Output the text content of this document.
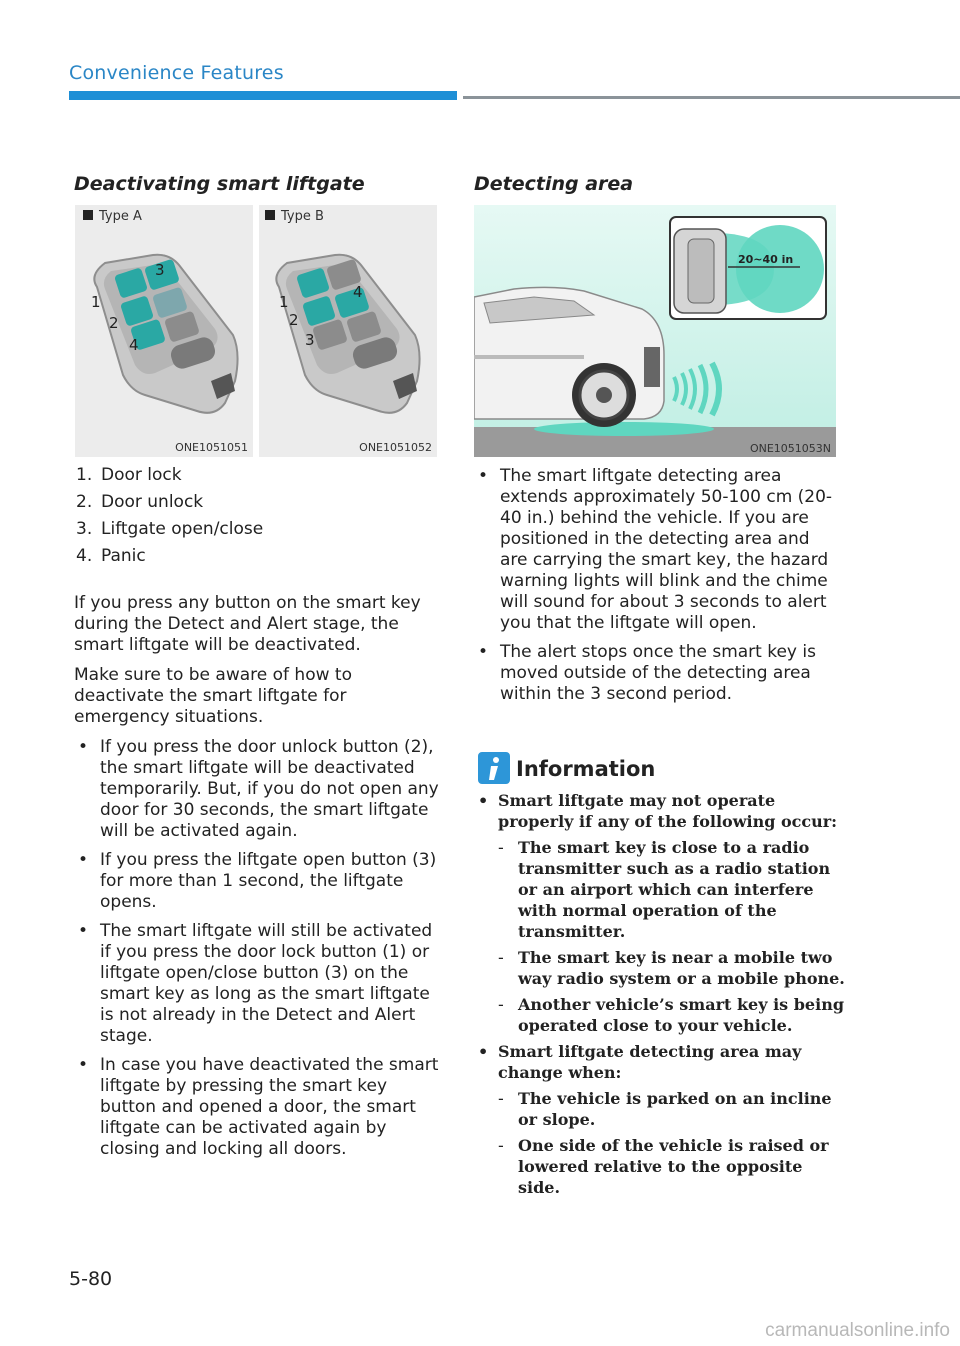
Convenience Features
Deactivating smart liftgate
Type A
3
1
2
4
ONE1051051
Type B
4
1
2
3
ONE1051052
1. Door lock
2. Door unlock
3. Liftgate open/close
4. Panic

If you press any button on the smart key during the Detect and Alert stage, the smart liftgate will be deactivated.

Make sure to be aware of how to deactivate the smart liftgate for emergency situations.

• If you press the door unlock button (2), the smart liftgate will be deactivated temporarily. But, if you do not open any door for 30 seconds, the smart liftgate will be activated again.
• If you press the liftgate open button (3) for more than 1 second, the liftgate opens.
• The smart liftgate will still be activated if you press the door lock button (1) or liftgate open/close button (3) on the smart key as long as the smart liftgate is not already in the Detect and Alert stage.
• In case you have deactivated the smart liftgate by pressing the smart key button and opened a door, the smart liftgate can be activated again by closing and locking all doors.
Detecting area
20~40 in
ONE1051053N
• The smart liftgate detecting area extends approximately 50-100 cm (20-40 in.) behind the vehicle. If you are positioned in the detecting area and are carrying the smart key, the hazard warning lights will blink and the chime will sound for about 3 seconds to alert you that the liftgate will open.
• The alert stops once the smart key is moved outside of the detecting area within the 3 second period.
Information
• Smart liftgate may not operate properly if any of the following occur:
- The smart key is close to a radio transmitter such as a radio station or an airport which can interfere with normal operation of the transmitter.
- The smart key is near a mobile two way radio system or a mobile phone.
- Another vehicle’s smart key is being operated close to your vehicle.
• Smart liftgate detecting area may change when:
- The vehicle is parked on an incline or slope.
- One side of the vehicle is raised or lowered relative to the opposite side.
5-80
carmanualsonline.info
